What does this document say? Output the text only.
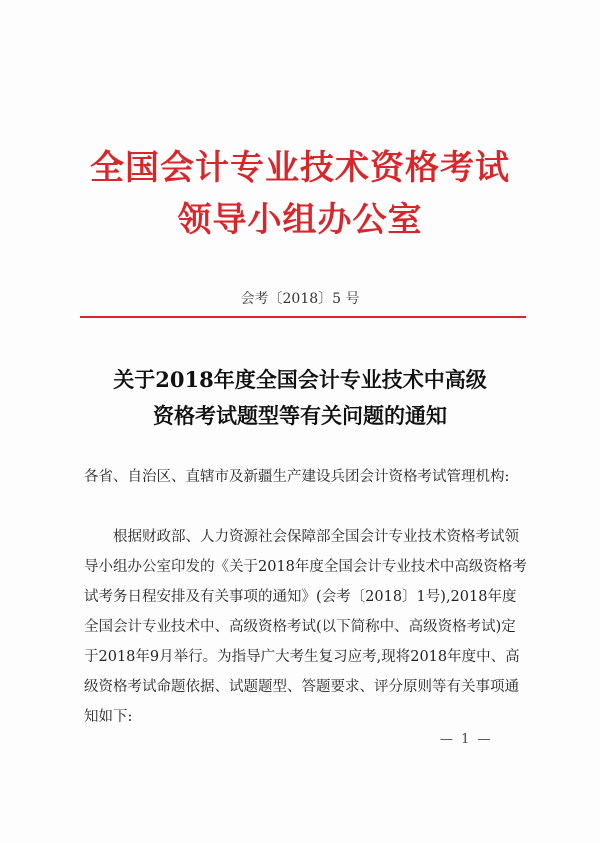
全国会计专业技术资格考试
领导小组办公室
会考〔2018〕5 号
关于2018年度全国会计专业技术中高级
资格考试题型等有关问题的通知

各省、自治区、直辖市及新疆生产建设兵团会计资格考试管理机构:

根据财政部、人力资源社会保障部全国会计专业技术资格考试领导小组办公室印发的《关于2018年度全国会计专业技术中高级资格考试考务日程安排及有关事项的通知》(会考〔2018〕1号),2018年度全国会计专业技术中、高级资格考试(以下简称中、高级资格考试)定于2018年9月举行。为指导广大考生复习应考,现将2018年度中、高级资格考试命题依据、试题题型、答题要求、评分原则等有关事项通知如下:

— 1 —
